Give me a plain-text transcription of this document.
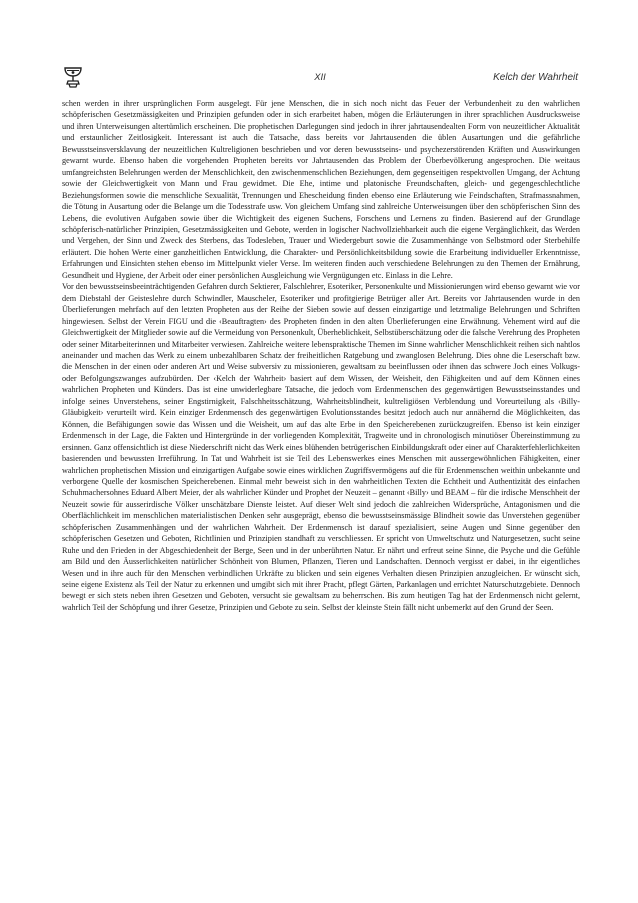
XII	Kelch der Wahrheit

schen werden in ihrer ursprünglichen Form ausgelegt. Für jene Menschen, die in sich noch nicht das Feuer der Verbundenheit zu den wahrlichen schöpferischen Gesetzmässigkeiten und Prinzipien gefunden oder in sich erarbeitet haben, mögen die Erläuterungen in ihrer sprachlichen Ausdrucksweise und ihren Unterweisungen altertümlich erscheinen. Die prophetischen Darlegungen sind jedoch in ihrer jahrtausendealten Form von neuzeitlicher Aktualität und erstaunlicher Zeitlosigkeit. Interessant ist auch die Tatsache, dass bereits vor Jahrtausenden die üblen Ausartungen und die gefährliche Bewusstseinsversklavung der neuzeitlichen Kultreligionen beschrieben und vor deren bewusstseins- und psychezerstörenden Kräften und Auswirkungen gewarnt wurde. Ebenso haben die vorgehenden Propheten bereits vor Jahrtausenden das Problem der Überbevölkerung angesprochen. Die weitaus umfangreichsten Belehrungen werden der Menschlichkeit, den zwischenmenschlichen Beziehungen, dem gegenseitigen respektvollen Umgang, der Achtung sowie der Gleichwertigkeit von Mann und Frau gewidmet. Die Ehe, intime und platonische Freundschaften, gleich- und gegengeschlechtliche Beziehungsformen sowie die menschliche Sexualität, Trennungen und Ehescheidung finden ebenso eine Erläuterung wie Feindschaften, Strafmassnahmen, die Tötung in Ausartung oder die Belange um die Todesstrafe usw. Von gleichem Umfang sind zahlreiche Unterweisungen über den schöpferischen Sinn des Lebens, die evolutiven Aufgaben sowie über die Wichtigkeit des eigenen Suchens, Forschens und Lernens zu finden. Basierend auf der Grundlage schöpferisch-natürlicher Prinzipien, Gesetzmässigkeiten und Gebote, werden in logischer Nachvollziehbarkeit auch die eigene Vergänglichkeit, das Werden und Vergehen, der Sinn und Zweck des Sterbens, das Todesleben, Trauer und Wiedergeburt sowie die Zusammenhänge von Selbstmord oder Sterbehilfe erläutert. Die hohen Werte einer ganzheitlichen Entwicklung, die Charakter- und Persönlichkeitsbildung sowie die Erarbeitung individueller Erkenntnisse, Erfahrungen und Einsichten stehen ebenso im Mittelpunkt vieler Verse. Im weiteren finden auch verschiedene Belehrungen zu den Themen der Ernährung, Gesundheit und Hygiene, der Arbeit oder einer persönlichen Ausgleichung wie Vergnügungen etc. Einlass in die Lehre.

Vor den bewusstseinsbeeinträchtigenden Gefahren durch Sektierer, Falschlehrer, Esoteriker, Personenkulte und Missionierungen wird ebenso gewarnt wie vor dem Diebstahl der Geisteslehre durch Schwindler, Mauscheler, Esoteriker und profitgierige Betrüger aller Art. Bereits vor Jahrtausenden wurde in den Überlieferungen mehrfach auf den letzten Propheten aus der Reihe der Sieben sowie auf dessen einzigartige und letztmalige Belehrungen und Schriften hingewiesen. Selbst der Verein FIGU und die ‹Beauftragten› des Propheten finden in den alten Überlieferungen eine Erwähnung. Vehement wird auf die Gleichwertigkeit der Mitglieder sowie auf die Vermeidung von Personenkult, Überheblichkeit, Selbstüberschätzung oder die falsche Verehrung des Propheten oder seiner Mitarbeiterinnen und Mitarbeiter verwiesen. Zahlreiche weitere lebenspraktische Themen im Sinne wahrlicher Menschlichkeit reihen sich nahtlos aneinander und machen das Werk zu einem unbezahlbaren Schatz der freiheitlichen Ratgebung und zwanglosen Belehrung. Dies ohne die Leserschaft bzw. die Menschen in der einen oder anderen Art und Weise subversiv zu missionieren, gewaltsam zu beeinflussen oder ihnen das schwere Joch eines Volkugs- oder Befolgungszwanges aufzubürden. Der ‹Kelch der Wahrheit› basiert auf dem Wissen, der Weisheit, den Fähigkeiten und auf dem Können eines wahrlichen Propheten und Künders. Das ist eine unwiderlegbare Tatsache, die jedoch vom Erdenmenschen des gegenwärtigen Bewusstseinsstandes und infolge seines Unverstehens, seiner Engstirnigkeit, Falschheitsschätzung, Wahrheitsblindheit, kultreligiösen Verblendung und Voreurteilung als ‹Billy-Gläubigkeit› verurteilt wird. Kein einziger Erdenmensch des gegenwärtigen Evolutionsstandes besitzt jedoch auch nur annähernd die Möglichkeiten, das Können, die Befähigungen sowie das Wissen und die Weisheit, um auf das alte Erbe in den Speicherebenen zurückzugreifen. Ebenso ist kein einziger Erdenmensch in der Lage, die Fakten und Hintergründe in der vorliegenden Komplexität, Tragweite und in chronologisch minutiöser Übereinstimmung zu ersinnen. Ganz offensichtlich ist diese Niederschrift nicht das Werk eines blühenden betrügerischen Einbildungskraft oder einer auf Charakterfehlerlichkeiten basierenden und bewussten Irreführung. In Tat und Wahrheit ist sie Teil des Lebenswerkes eines Menschen mit aussergewöhnlichen Fähigkeiten, einer wahrlichen prophetischen Mission und einzigartigen Aufgabe sowie eines wirklichen Zugriffsvermögens auf die für Erdenmenschen weithin unbekannte und verborgene Quelle der kosmischen Speicherebenen. Einmal mehr beweist sich in den wahrheitlichen Texten die Echtheit und Authentizität des einfachen Schuhmachersohnes Eduard Albert Meier, der als wahrlicher Künder und Prophet der Neuzeit – genannt ‹Billy› und BEAM – für die irdische Menschheit der Neuzeit sowie für ausserirdische Völker unschätzbare Dienste leistet. Auf dieser Welt sind jedoch die zahlreichen Widersprüche, Antagonismen und die Oberflächlichkeit im menschlichen materialistischen Denken sehr ausgeprägt, ebenso die bewusstseinsmässige Blindheit sowie das Unverstehen gegenüber schöpferischen Zusammenhängen und der wahrlichen Wahrheit. Der Erdenmensch ist darauf spezialisiert, seine Augen und Sinne gegenüber den schöpferischen Gesetzen und Geboten, Richtlinien und Prinzipien standhaft zu verschliessen. Er spricht von Umweltschutz und Naturgesetzen, sucht seine Ruhe und den Frieden in der Abgeschiedenheit der Berge, Seen und in der unberührten Natur. Er nährt und erfreut seine Sinne, die Psyche und die Gefühle am Bild und den Äusserlichkeiten natürlicher Schönheit von Blumen, Pflanzen, Tieren und Landschaften. Dennoch vergisst er dabei, in ihr eigentliches Wesen und in ihre auch für den Menschen verbindlichen Urkräfte zu blicken und sein eigenes Verhalten diesen Prinzipien anzugleichen. Er wünscht sich, seine eigene Existenz als Teil der Natur zu erkennen und umgibt sich mit ihrer Pracht, pflegt Gärten, Parkanlagen und errichtet Naturschutzgebiete. Dennoch bewegt er sich stets neben ihren Gesetzen und Geboten, versucht sie gewaltsam zu beherrschen. Bis zum heutigen Tag hat der Erdenmensch nicht gelernt, wahrlich Teil der Schöpfung und ihrer Gesetze, Prinzipien und Gebote zu sein. Selbst der kleinste Stein fällt nicht unbemerkt auf den Grund der Seen.
